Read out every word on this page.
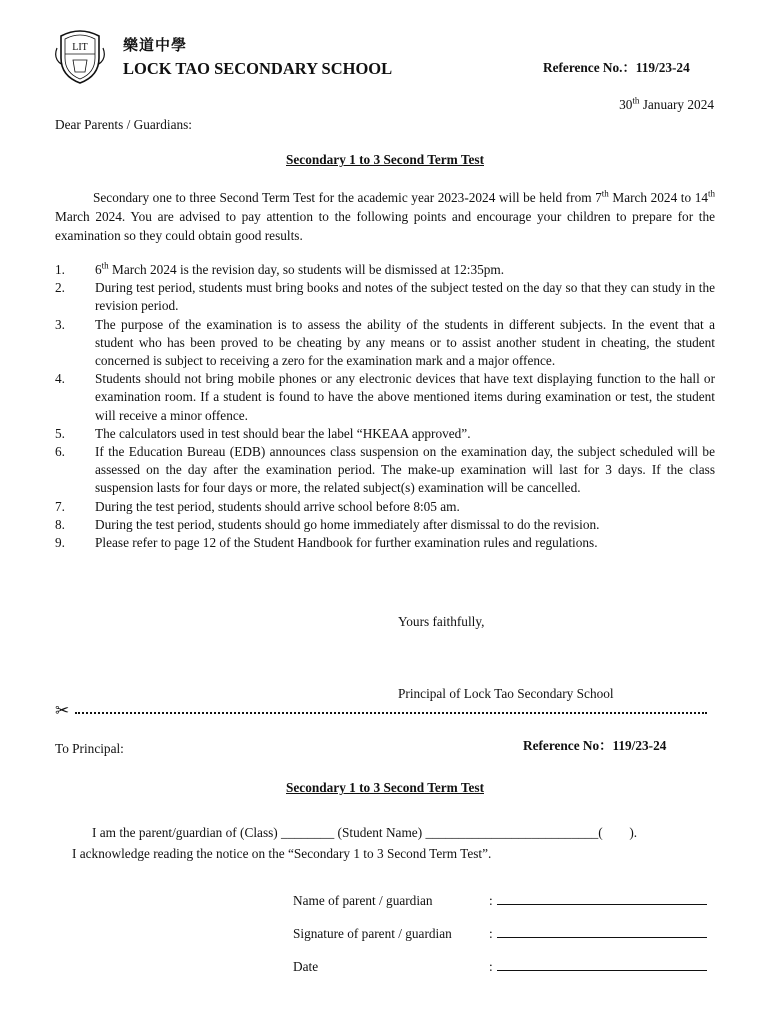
LIT 樂道中學
LOCK TAO SECONDARY SCHOOL	Reference No.：119/23-24
30th January 2024
Dear Parents / Guardians:
Secondary 1 to 3 Second Term Test
Secondary one to three Second Term Test for the academic year 2023-2024 will be held from 7th March 2024 to 14th March 2024. You are advised to pay attention to the following points and encourage your children to prepare for the examination so they could obtain good results.
1. 6th March 2024 is the revision day, so students will be dismissed at 12:35pm.
2. During test period, students must bring books and notes of the subject tested on the day so that they can study in the revision period.
3. The purpose of the examination is to assess the ability of the students in different subjects. In the event that a student who has been proved to be cheating by any means or to assist another student in cheating, the student concerned is subject to receiving a zero for the examination mark and a major offence.
4. Students should not bring mobile phones or any electronic devices that have text displaying function to the hall or examination room. If a student is found to have the above mentioned items during examination or test, the student will receive a minor offence.
5. The calculators used in test should bear the label “HKEAA approved”.
6. If the Education Bureau (EDB) announces class suspension on the examination day, the subject scheduled will be assessed on the day after the examination period. The make-up examination will last for 3 days. If the class suspension lasts for four days or more, the related subject(s) examination will be cancelled.
7. During the test period, students should arrive school before 8:05 am.
8. During the test period, students should go home immediately after dismissal to do the revision.
9. Please refer to page 12 of the Student Handbook for further examination rules and regulations.
Yours faithfully,
Principal of Lock Tao Secondary School
✂
To Principal:	Reference No：119/23-24
Secondary 1 to 3 Second Term Test
I am the parent/guardian of (Class) ________ (Student Name) __________________________(        ).
I acknowledge reading the notice on the “Secondary 1 to 3 Second Term Test”.
Name of parent / guardian	:
Signature of parent / guardian	:
Date	:
